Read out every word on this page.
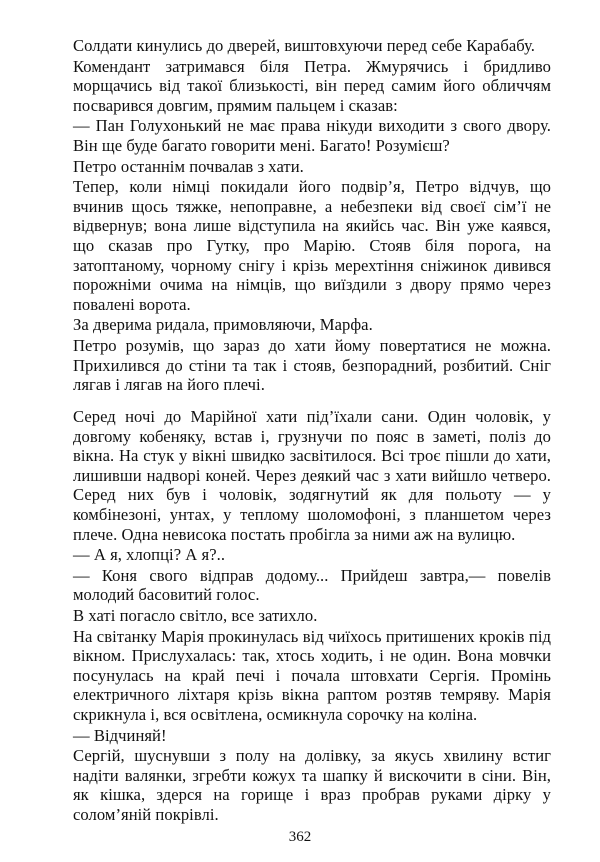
Солдати кинулись до дверей, виштовхуючи перед себе Карабабу.

Комендант затримався біля Петра. Жмурячись і бридливо морщачись від такої близькості, він перед самим його обличчям посварився довгим, прямим пальцем і сказав:

— Пан Голухонький не має права нікуди виходити з свого двору. Він ще буде багато говорити мені. Багато! Розумієш?

Петро останнім почвалав з хати.

Тепер, коли німці покидали його подвір’я, Петро відчув, що вчинив щось тяжке, непоправне, а небезпеки від своєї сім’ї не відвернув; вона лише відступила на якийсь час. Він уже каявся, що сказав про Гутку, про Марію. Стояв біля порога, на затоптаному, чорному снігу і крізь мерехтіння сніжинок дивився порожніми очима на німців, що виїздили з двору прямо через повалені ворота.

За дверима ридала, примовляючи, Марфа.

Петро розумів, що зараз до хати йому повертатися не можна. Прихилився до стіни та так і стояв, безпорадний, розбитий. Сніг лягав і лягав на його плечі.

Серед ночі до Марійної хати під’їхали сани. Один чоловік, у довгому кобеняку, встав і, грузнучи по пояс в заметі, поліз до вікна. На стук у вікні швидко засвітилося. Всі троє пішли до хати, лишивши надворі коней. Через деякий час з хати вийшло четверо. Серед них був і чоловік, зодягнутий як для польоту — у комбінезоні, унтах, у теплому шоломофоні, з планшетом через плече. Одна невисока постать пробігла за ними аж на вулицю.

— А я, хлопці? А я?..

— Коня свого відправ додому... Прийдеш завтра,— повелів молодий басовитий голос.

В хаті погасло світло, все затихло.

На світанку Марія прокинулась від чиїхось притишених кроків під вікном. Прислухалась: так, хтось ходить, і не один. Вона мовчки посунулась на край печі і почала штовхати Сергія. Промінь електричного ліхтаря крізь вікна раптом розтяв темряву. Марія скрикнула і, вся освітлена, осмикнула сорочку на коліна.

— Відчиняй!

Сергій, шуснувши з полу на долівку, за якусь хвилину встиг надіти валянки, згребти кожух та шапку й вискочити в сіни. Він, як кішка, здерся на горище і враз пробрав руками дірку у солом’яній покрівлі.

362
